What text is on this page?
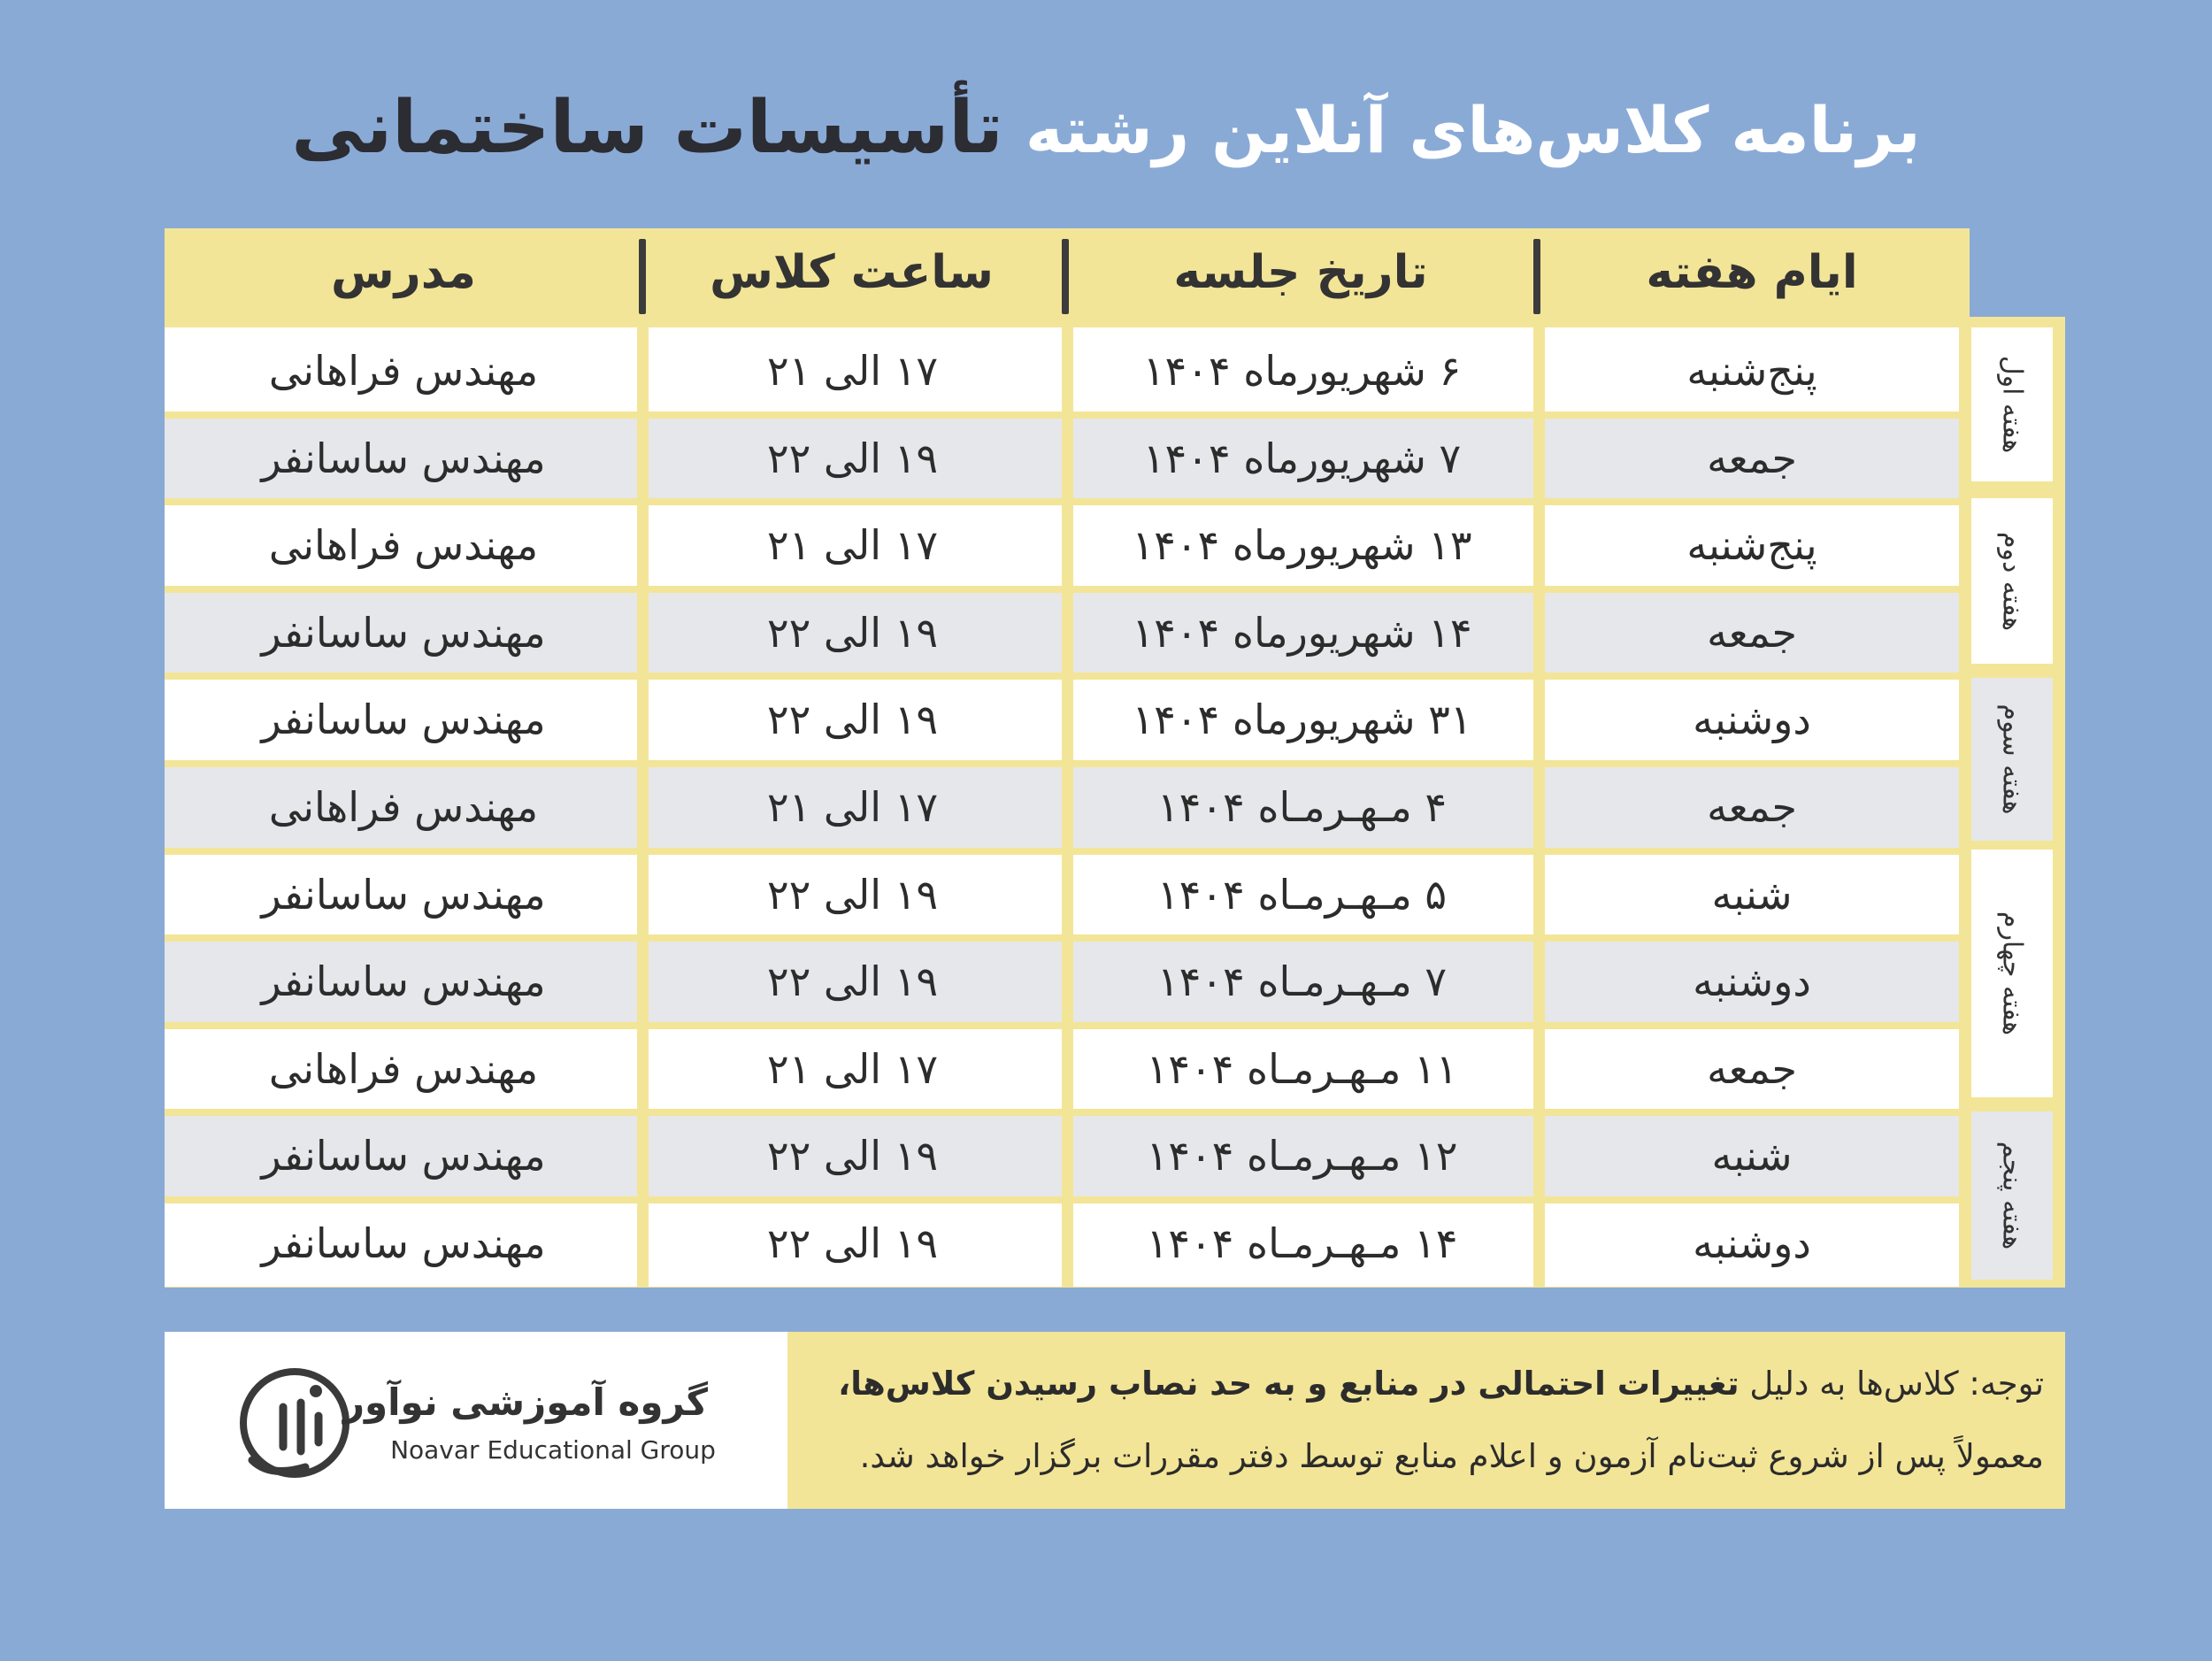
برنامه کلاس‌های آنلاین رشته تأسیسات ساختمانی
ایام هفته
تاریخ جلسه
ساعت کلاس
مدرس
پنج‌شنبه
۶ شهریورماه ۱۴۰۴
۱۷ الی ۲۱
مهندس فراهانی
جمعه
۷ شهریورماه ۱۴۰۴
۱۹ الی ۲۲
مهندس ساسانفر
پنج‌شنبه
۱۳ شهریورماه ۱۴۰۴
۱۷ الی ۲۱
مهندس فراهانی
جمعه
۱۴ شهریورماه ۱۴۰۴
۱۹ الی ۲۲
مهندس ساسانفر
دوشنبه
۳۱ شهریورماه ۱۴۰۴
۱۹ الی ۲۲
مهندس ساسانفر
جمعه
۴ مـهـرمـاه ۱۴۰۴
۱۷ الی ۲۱
مهندس فراهانی
شنبه
۵ مـهـرمـاه ۱۴۰۴
۱۹ الی ۲۲
مهندس ساسانفر
دوشنبه
۷ مـهـرمـاه ۱۴۰۴
۱۹ الی ۲۲
مهندس ساسانفر
جمعه
۱۱ مـهـرمـاه ۱۴۰۴
۱۷ الی ۲۱
مهندس فراهانی
شنبه
۱۲ مـهـرمـاه ۱۴۰۴
۱۹ الی ۲۲
مهندس ساسانفر
دوشنبه
۱۴ مـهـرمـاه ۱۴۰۴
۱۹ الی ۲۲
مهندس ساسانفر
هفته اول
هفته دوم
هفته سوم
هفته چهارم
هفته پنجم
توجه: کلاس‌ها به دلیل تغییرات احتمالی در منابع و به حد نصاب رسیدن کلاس‌ها،
معمولاً پس از شروع ثبت‌نام آزمون و اعلام منابع توسط دفتر مقررات برگزار خواهد شد.
گروه آموزشی نوآور
Noavar Educational Group
